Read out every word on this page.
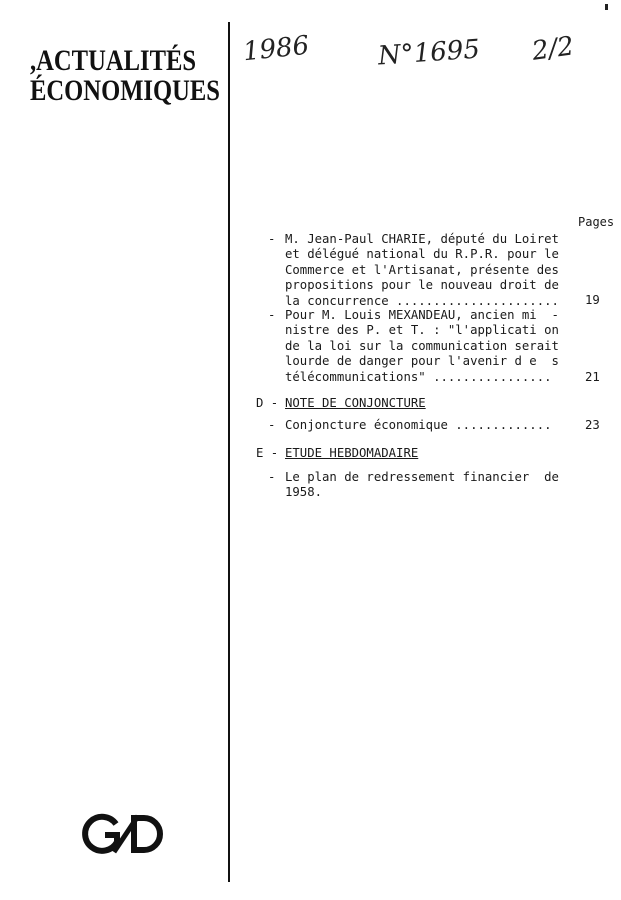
,ACTUALITÉS
ÉCONOMIQUES
1986	N°1695 2/2
Pages
- M. Jean-Paul CHARIE, député du Loiret
et délégué national du R.P.R. pour le
Commerce et l'Artisanat, présente des
propositions pour le nouveau droit de
la concurrence ...................... 19
- Pour M. Louis MEXANDEAU, ancien mi  -
nistre des P. et T. : "l'applicati on
de la loi sur la communication serait
lourde de danger pour l'avenir d e  s
télécommunications" ................	21
D - NOTE DE CONJONCTURE
- Conjoncture économique .............	23
E - ETUDE HEBDOMADAIRE
- Le plan de redressement financier  de
1958.
